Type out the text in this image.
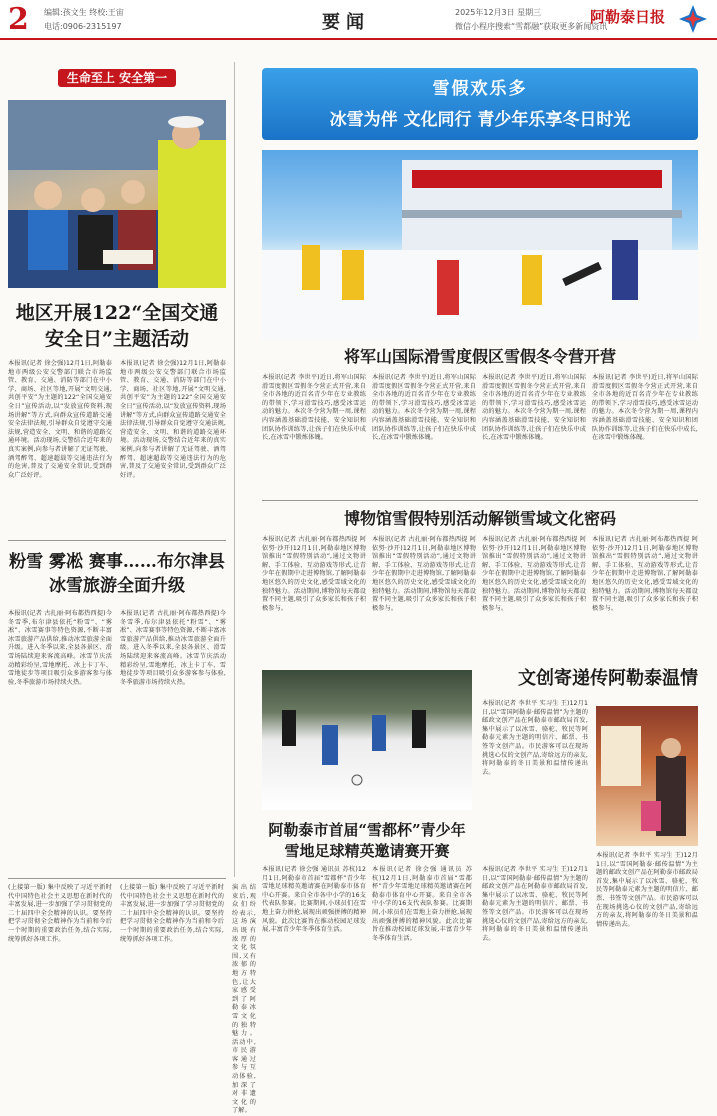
2 编辑:孩文生 终校:王宙
电话:0906-2315197	要闻	2025年12月3日 星期三
微信小程序搜索“雪都融”获取更多新闻资讯
阿勒泰日报
生命至上 安全第一
地区开展122“全国交通安全日”主题活动
本报讯(记者 徐会强)12月1日,阿勒泰地市两级公安交警部门联合市场监管、教育、交通、消防等部门在中小学、商场、社区等地,开展“文明交通,共创平安”为主题的122“全国交通安全日”宣传活动,以“发放宣传资料,现场讲解”等方式,向群众宣传道路交通安全法律法规,引导群众自觉遵守交通法规,营造安全、文明、和谐的道路交通环境。活动现场,交警结合近年来的真实案例,向参与者讲解了无证驾驶、酒驾醉驾、超速超载等交通违法行为的危害,普及了交通安全常识,受到群众广泛好评。
本报讯(记者 徐会强)12月1日,阿勒泰地市两级公安交警部门联合市场监管、教育、交通、消防等部门在中小学、商场、社区等地,开展“文明交通,共创平安”为主题的122“全国交通安全日”宣传活动,以“发放宣传资料,现场讲解”等方式,向群众宣传道路交通安全法律法规,引导群众自觉遵守交通法规,营造安全、文明、和谐的道路交通环境。活动现场,交警结合近年来的真实案例,向参与者讲解了无证驾驶、酒驾醉驾、超速超载等交通违法行为的危害,普及了交通安全常识,受到群众广泛好评。
粉雪 雾凇 赛事……布尔津县冰雪旅游全面升级
本报讯(记者 古扎丽·阿布都热西提)今冬雪季,布尔津县依托“粉雪”、“雾凇”、冰雪赛事等特色资源,不断丰富冰雪旅游产品供给,推动冰雪旅游全面升级。进入冬季以来,全县各景区、滑雪场陆续迎来客流高峰。冰雪节庆活动精彩纷呈,雪地摩托、冰上卡丁车、雪地徒步等项目吸引众多游客参与体验,冬季旅游市场持续火热。
本报讯(记者 古扎丽·阿布都热西提)今冬雪季,布尔津县依托“粉雪”、“雾凇”、冰雪赛事等特色资源,不断丰富冰雪旅游产品供给,推动冰雪旅游全面升级。进入冬季以来,全县各景区、滑雪场陆续迎来客流高峰。冰雪节庆活动精彩纷呈,雪地摩托、冰上卡丁车、雪地徒步等项目吸引众多游客参与体验,冬季旅游市场持续火热。
雪假欢乐多
冰雪为伴 文化同行 青少年乐享冬日时光
将军山国际滑雪度假区雪假冬令营开营
本报讯(记者 李世平)近日,将军山国际滑雪度假区雪假冬令营正式开营,来自全市各地的近百名青少年在专业教练的带领下,学习滑雪技巧,感受冰雪运动的魅力。本次冬令营为期一周,课程内容涵盖基础滑雪技能、安全知识和团队协作训练等,让孩子们在快乐中成长,在冰雪中锻炼体魄。
本报讯(记者 李世平)近日,将军山国际滑雪度假区雪假冬令营正式开营,来自全市各地的近百名青少年在专业教练的带领下,学习滑雪技巧,感受冰雪运动的魅力。本次冬令营为期一周,课程内容涵盖基础滑雪技能、安全知识和团队协作训练等,让孩子们在快乐中成长,在冰雪中锻炼体魄。
本报讯(记者 李世平)近日,将军山国际滑雪度假区雪假冬令营正式开营,来自全市各地的近百名青少年在专业教练的带领下,学习滑雪技巧,感受冰雪运动的魅力。本次冬令营为期一周,课程内容涵盖基础滑雪技能、安全知识和团队协作训练等,让孩子们在快乐中成长,在冰雪中锻炼体魄。
本报讯(记者 李世平)近日,将军山国际滑雪度假区雪假冬令营正式开营,来自全市各地的近百名青少年在专业教练的带领下,学习滑雪技巧,感受冰雪运动的魅力。本次冬令营为期一周,课程内容涵盖基础滑雪技能、安全知识和团队协作训练等,让孩子们在快乐中成长,在冰雪中锻炼体魄。
博物馆雪假特别活动解锁雪域文化密码
本报讯(记者 古扎丽·阿布都热西提 阿依努·沙开)12月1日,阿勒泰地区博物馆推出“雪假特别活动”,通过文物讲解、手工体验、互动游戏等形式,让青少年在假期中走进博物馆,了解阿勒泰地区悠久的历史文化,感受雪域文化的独特魅力。活动期间,博物馆每天都设置不同主题,吸引了众多家长和孩子积极参与。
本报讯(记者 古扎丽·阿布都热西提 阿依努·沙开)12月1日,阿勒泰地区博物馆推出“雪假特别活动”,通过文物讲解、手工体验、互动游戏等形式,让青少年在假期中走进博物馆,了解阿勒泰地区悠久的历史文化,感受雪域文化的独特魅力。活动期间,博物馆每天都设置不同主题,吸引了众多家长和孩子积极参与。
本报讯(记者 古扎丽·阿布都热西提 阿依努·沙开)12月1日,阿勒泰地区博物馆推出“雪假特别活动”,通过文物讲解、手工体验、互动游戏等形式,让青少年在假期中走进博物馆,了解阿勒泰地区悠久的历史文化,感受雪域文化的独特魅力。活动期间,博物馆每天都设置不同主题,吸引了众多家长和孩子积极参与。
本报讯(记者 古扎丽·阿布都热西提 阿依努·沙开)12月1日,阿勒泰地区博物馆推出“雪假特别活动”,通过文物讲解、手工体验、互动游戏等形式,让青少年在假期中走进博物馆,了解阿勒泰地区悠久的历史文化,感受雪域文化的独特魅力。活动期间,博物馆每天都设置不同主题,吸引了众多家长和孩子积极参与。
阿勒泰市首届“雪都杯”青少年雪地足球精英邀请赛开赛
文创寄递传阿勒泰温情
本报讯(记者 李世平 实习生 王)12月1日,以“雪国阿勒泰·邮传温情”为主题的邮政文创产品在阿勒泰市邮政局首发,集中展示了以冰雪、骆驼、牧民等阿勒泰元素为主题的明信片、邮票、书签等文创产品。市民游客可以在现场挑选心仪的文创产品,寄给远方的亲友,将阿勒泰的冬日美景和温情传递出去。
(上接第一版) 集中反映了习近平新时代中国特色社会主义思想在新时代的丰富发展,进一步加强了学习贯彻党的二十届四中全会精神的认识。要坚持把学习贯彻全会精神作为当前和今后一个时期的重要政治任务,结合实际,统筹抓好各项工作。
(上接第一版) 集中反映了习近平新时代中国特色社会主义思想在新时代的丰富发展,进一步加强了学习贯彻党的二十届四中全会精神的认识。要坚持把学习贯彻全会精神作为当前和今后一个时期的重要政治任务,结合实际,统筹抓好各项工作。
演出结束后,观众们纷纷表示,这场演出既有浓厚的文化氛围,又有浓郁的地方特色,让大家感受到了阿勒泰冰雪文化的独特魅力。活动中,市民游客通过参与互动体验,加深了对非遗文化的了解。
本报讯(记者 徐会强 通讯员 苏杭)12月1日,阿勒泰市首届“雪都杯”青少年雪地足球精英邀请赛在阿勒泰市体育中心开赛。来自全市各中小学的16支代表队参赛。比赛期间,小球员们在雪地上奋力拼抢,展现出顽强拼搏的精神风貌。此次比赛旨在推动校园足球发展,丰富青少年冬季体育生活。
本报讯(记者 徐会强 通讯员 苏杭)12月1日,阿勒泰市首届“雪都杯”青少年雪地足球精英邀请赛在阿勒泰市体育中心开赛。来自全市各中小学的16支代表队参赛。比赛期间,小球员们在雪地上奋力拼抢,展现出顽强拼搏的精神风貌。此次比赛旨在推动校园足球发展,丰富青少年冬季体育生活。
本报讯(记者 李世平 实习生 王)12月1日,以“雪国阿勒泰·邮传温情”为主题的邮政文创产品在阿勒泰市邮政局首发,集中展示了以冰雪、骆驼、牧民等阿勒泰元素为主题的明信片、邮票、书签等文创产品。市民游客可以在现场挑选心仪的文创产品,寄给远方的亲友,将阿勒泰的冬日美景和温情传递出去。
本报讯(记者 李世平 实习生 王)12月1日,以“雪国阿勒泰·邮传温情”为主题的邮政文创产品在阿勒泰市邮政局首发,集中展示了以冰雪、骆驼、牧民等阿勒泰元素为主题的明信片、邮票、书签等文创产品。市民游客可以在现场挑选心仪的文创产品,寄给远方的亲友,将阿勒泰的冬日美景和温情传递出去。
